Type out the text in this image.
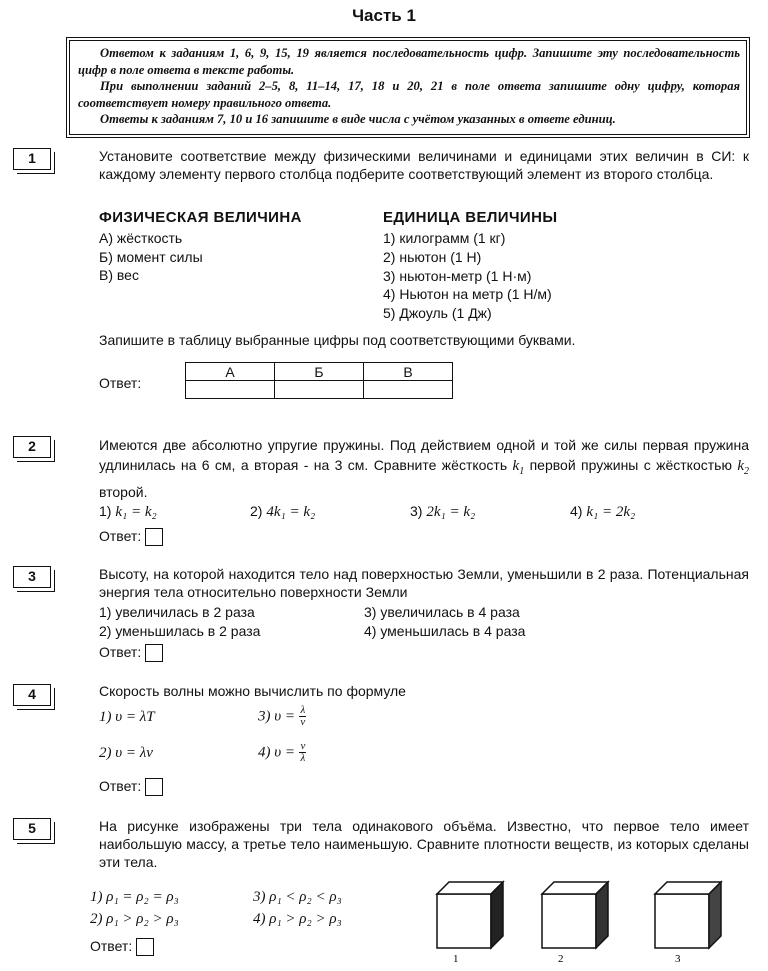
Часть 1

Ответом к заданиям 1, 6, 9, 15, 19 является последовательность цифр. Запишите эту последовательность цифр в поле ответа в тексте работы.

При выполнении заданий 2–5, 8, 11–14, 17, 18 и 20, 21 в поле ответа запишите одну цифру, которая соответствует номеру правильного ответа.

Ответы к заданиям 7, 10 и 16 запишите в виде числа с учётом указанных в ответе единиц.

1	Установите соответствие между физическими величинами и единицами этих величин в СИ: к каждому элементу первого столбца подберите соответствующий элемент из второго столбца.
ФИЗИЧЕСКАЯ ВЕЛИЧИНА
А) жёсткость
Б) момент силы
В) вес
ЕДИНИЦА ВЕЛИЧИНЫ
1) килограмм (1 кг)
2) ньютон (1 Н)
3) ньютон-метр (1 Н·м)
4) Ньютон на метр (1 Н/м)
5) Джоуль (1 Дж)
Запишите в таблицу выбранные цифры под соответствующими буквами.
Ответ:
А	Б	В

2	Имеются две абсолютно упругие пружины. Под действием одной и той же силы первая пружина удлинилась на 6 см, а вторая - на 3 см. Сравните жёсткость $k_1$ первой пружины с жёсткостью $k_2$ второй.
1) k₁ = k₂	2) 4k₁ = k₂	3) 2k₁ = k₂	4) k₁ = 2k₂
Ответ:
3	Высоту, на которой находится тело над поверхностью Земли, уменьшили в 2 раза. Потенциальная энергия тела относительно поверхности Земли
1) увеличилась в 2 раза
2) уменьшилась в 2 раза
3) увеличилась в 4 раза
4) уменьшилась в 4 раза
Ответ:
4	Скорость волны можно вычислить по формуле
1) υ = λT	3) $\upsilon = \frac{\lambda}{\nu}$
2) υ = λν	4) $\upsilon = \frac{\nu}{\lambda}$
Ответ:
5	На рисунке изображены три тела одинакового объёма. Известно, что первое тело имеет наибольшую массу, а третье тело наименьшую. Сравните плотности веществ, из которых сделаны эти тела.
1) ρ₁ = ρ₂ = ρ₃
2) ρ₁ > ρ₂ > ρ₃
3) ρ₁ < ρ₂ < ρ₃
4) ρ₁ > ρ₂ > ρ₃
Ответ:
1	2	3
